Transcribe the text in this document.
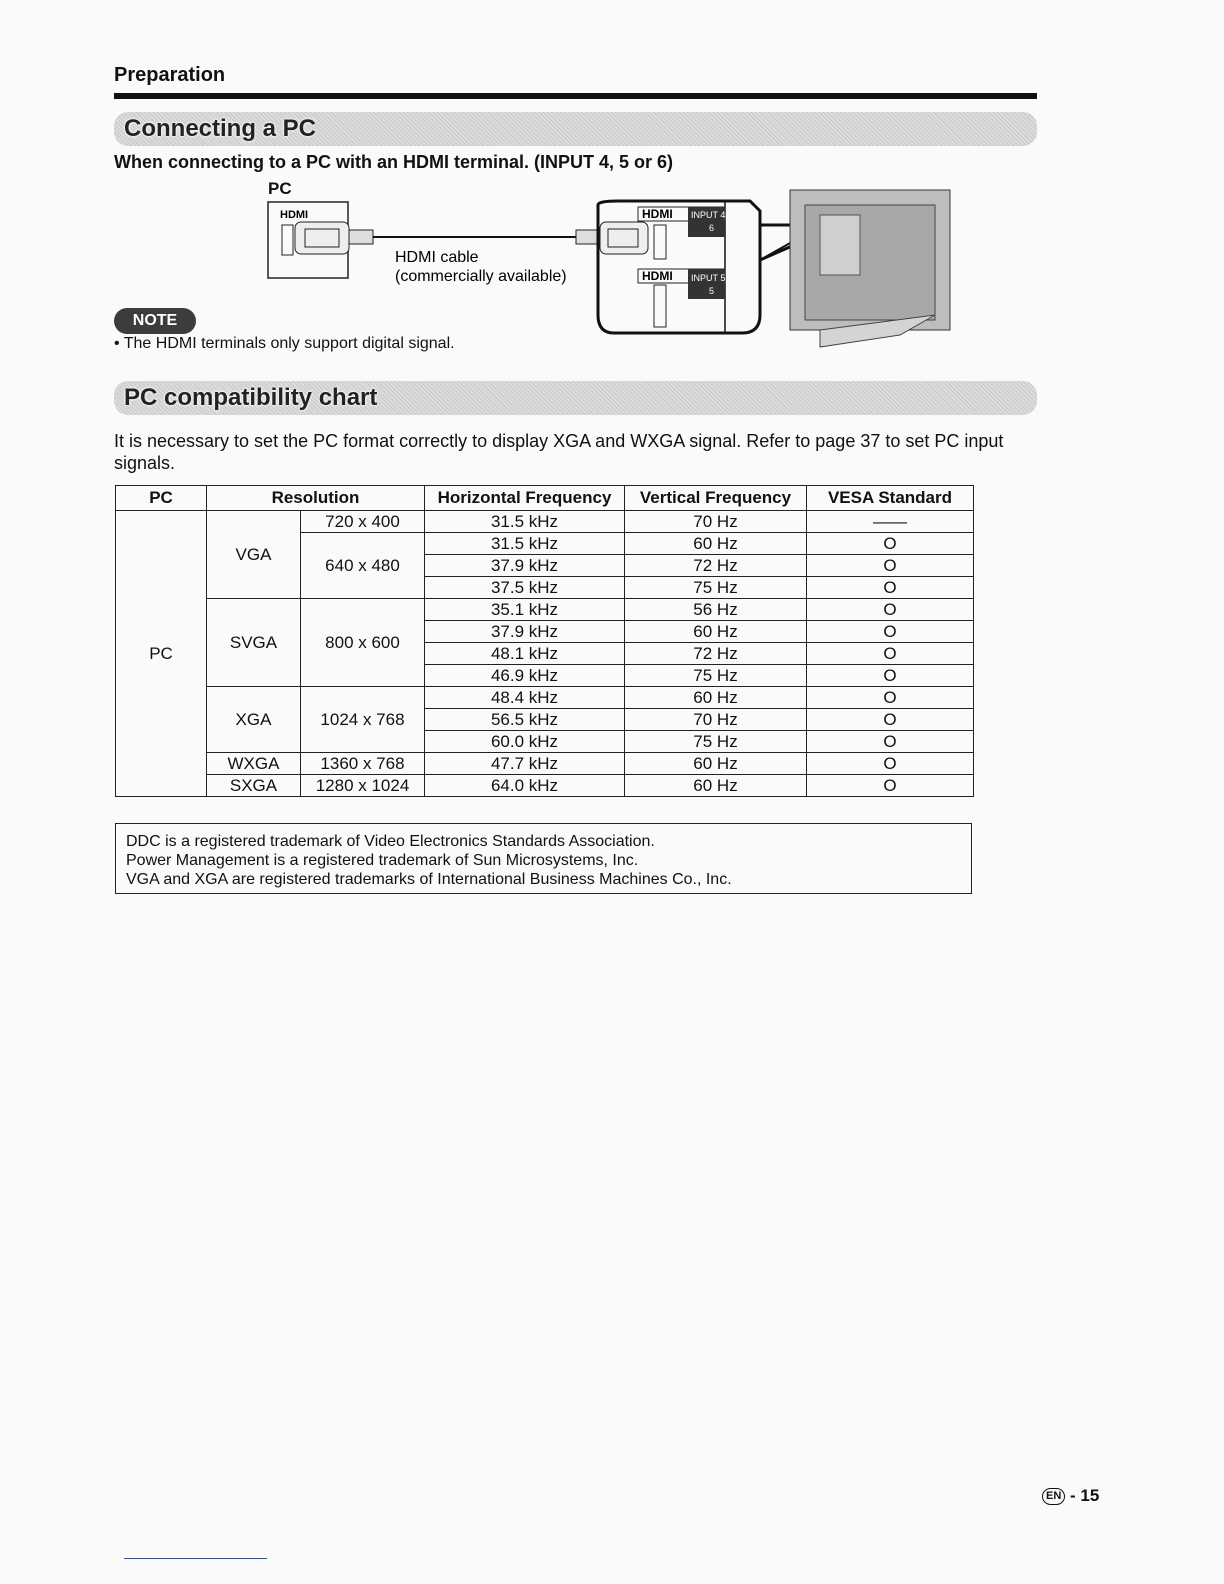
Preparation
Connecting a PC
When connecting to a PC with an HDMI terminal. (INPUT 4, 5 or 6)
PC
HDMI
HDMI cable
(commercially available)
HDMI INPUT 4
6
HDMI INPUT 5
5
NOTE
• The HDMI terminals only support digital signal.
PC compatibility chart
It is necessary to set the PC format correctly to display XGA and WXGA signal. Refer to page 37 to set PC input signals.
PC	Resolution		Horizontal Frequency	Vertical Frequency	VESA Standard
PC	VGA	720 x 400	31.5 kHz	70 Hz	——
		640 x 480	31.5 kHz	60 Hz	O
			37.9 kHz	72 Hz	O
			37.5 kHz	75 Hz	O
	SVGA	800 x 600	35.1 kHz	56 Hz	O
			37.9 kHz	60 Hz	O
			48.1 kHz	72 Hz	O
			46.9 kHz	75 Hz	O
	XGA	1024 x 768	48.4 kHz	60 Hz	O
			56.5 kHz	70 Hz	O
			60.0 kHz	75 Hz	O
	WXGA	1360 x 768	47.7 kHz	60 Hz	O
	SXGA	1280 x 1024	64.0 kHz	60 Hz	O
DDC is a registered trademark of Video Electronics Standards Association.
Power Management is a registered trademark of Sun Microsystems, Inc.
VGA and XGA are registered trademarks of International Business Machines Co., Inc.
EN - 15
